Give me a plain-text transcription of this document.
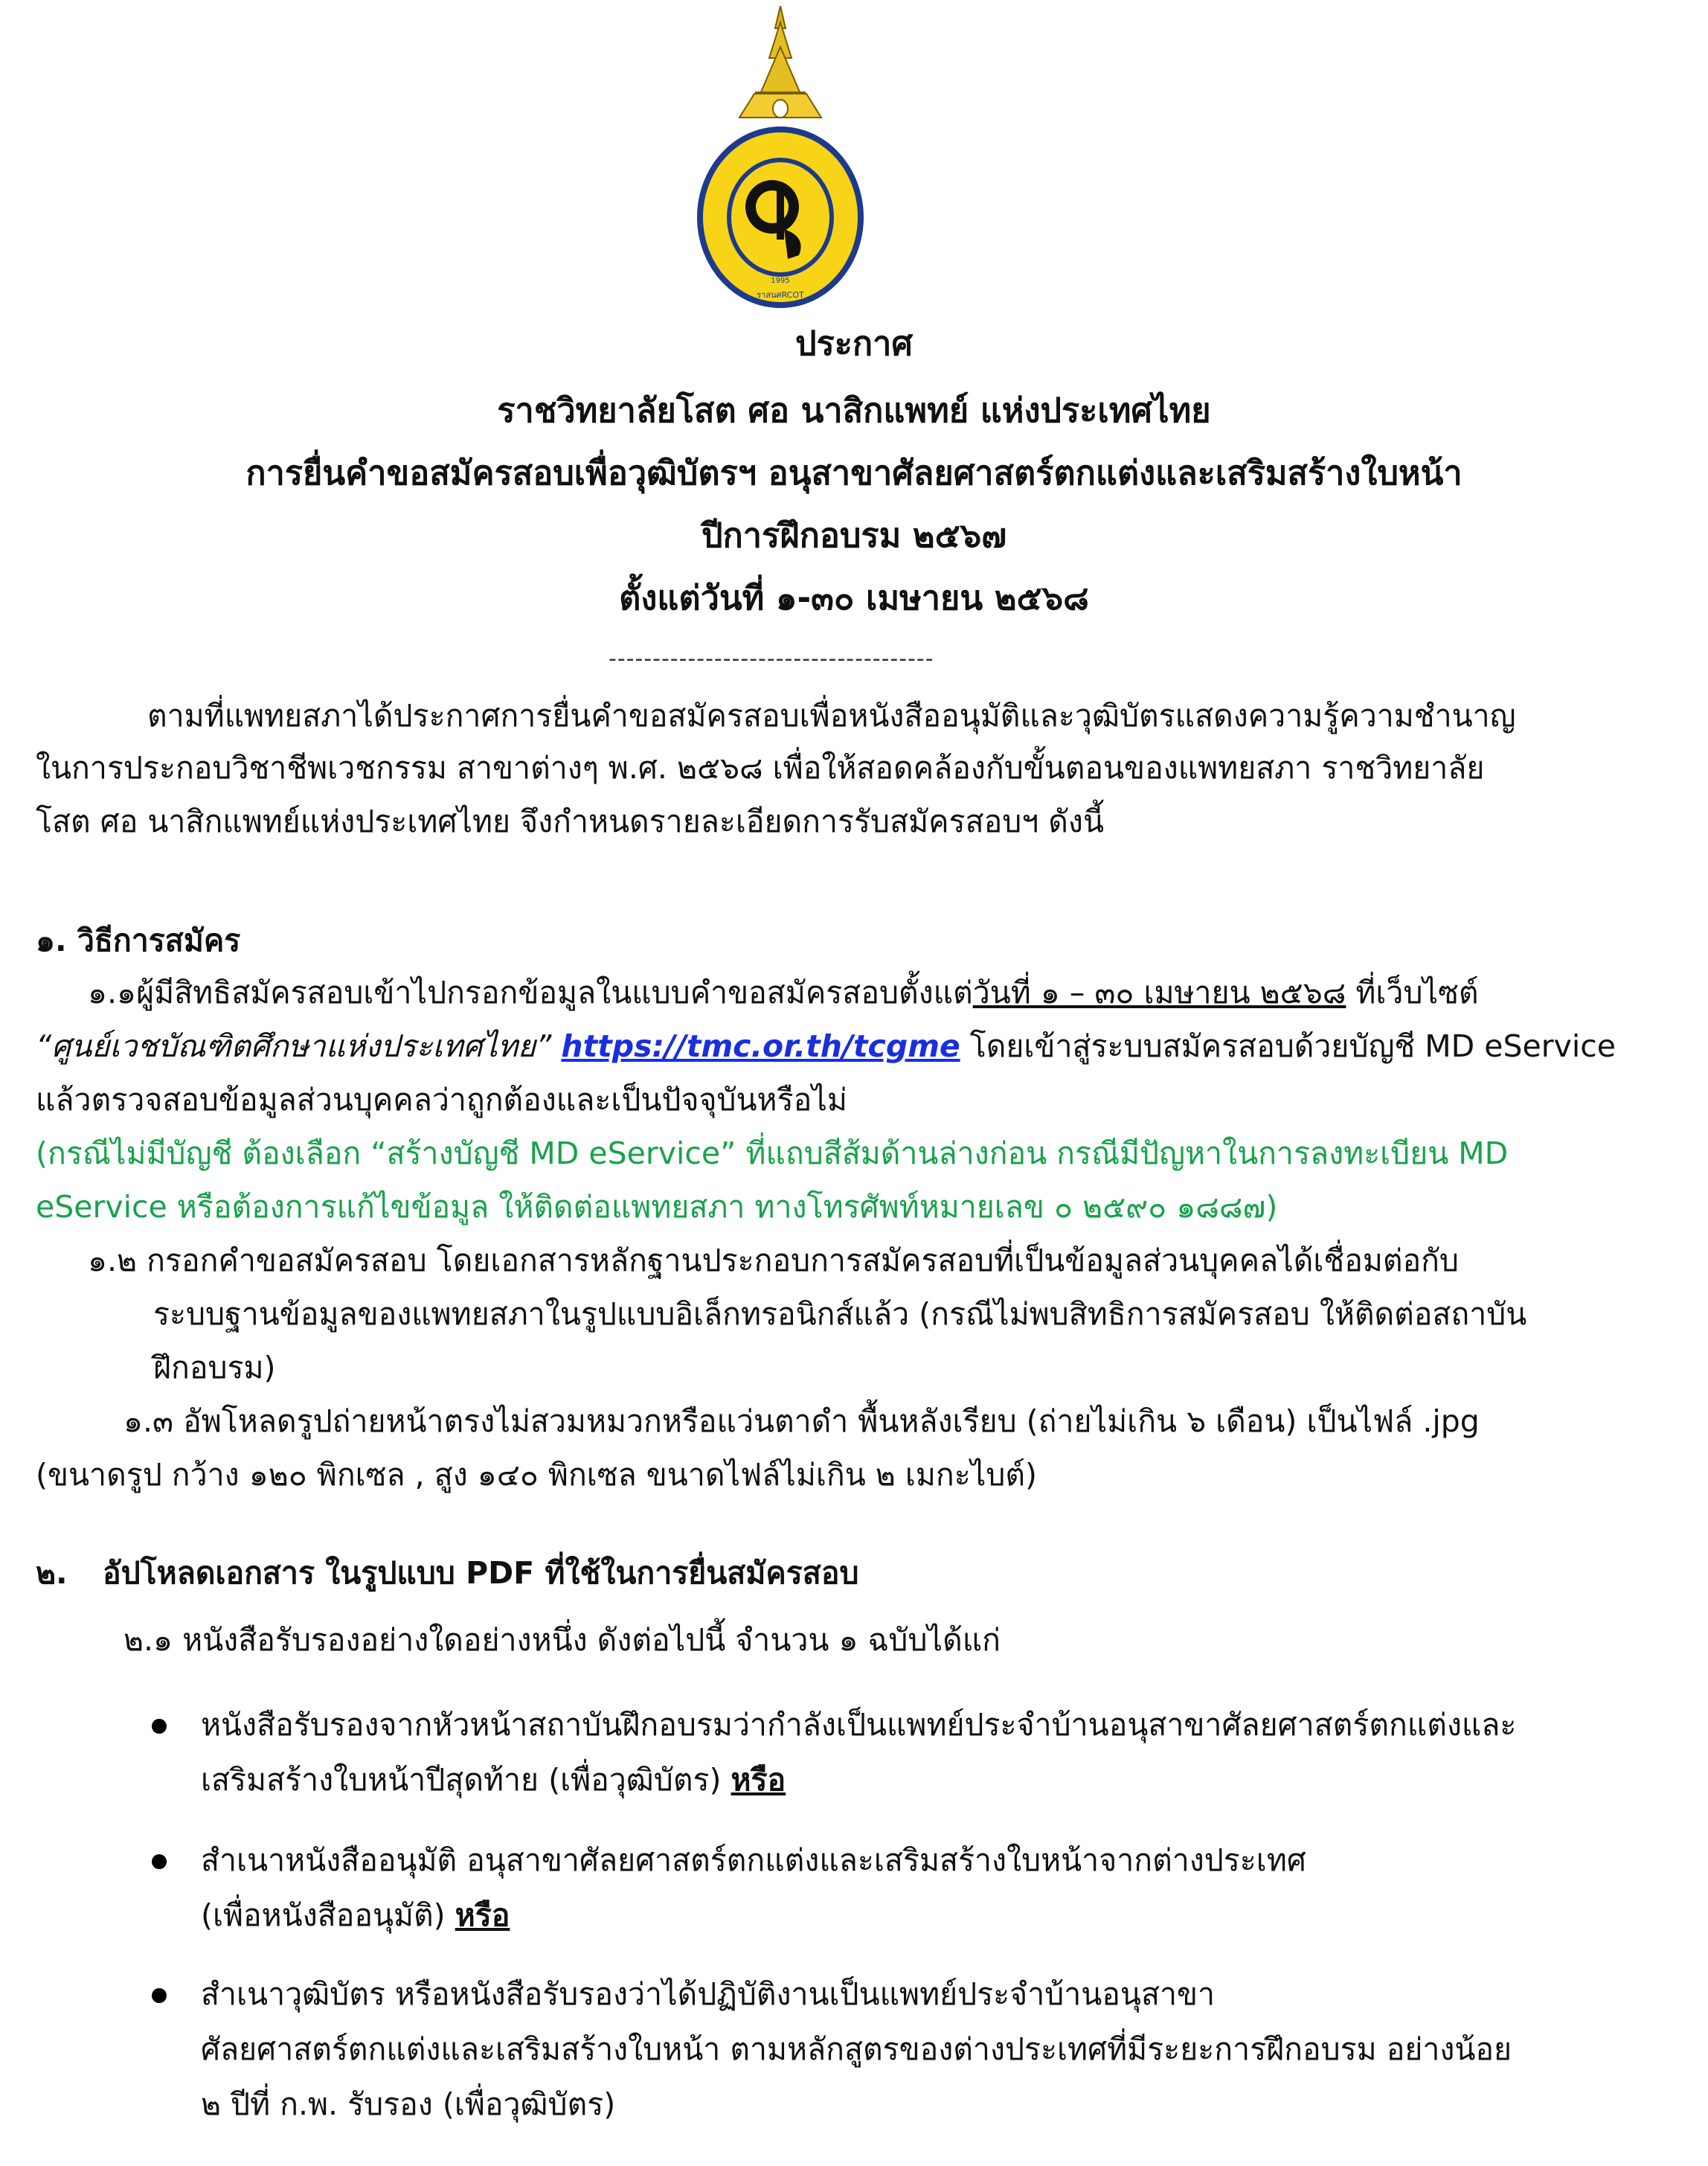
ราสนศRCOT
1995
ประกาศ
ราชวิทยาลัยโสต ศอ นาสิกแพทย์ แห่งประเทศไทย
การยื่นคำขอสมัครสอบเพื่อวุฒิบัตรฯ อนุสาขาศัลยศาสตร์ตกแต่งและเสริมสร้างใบหน้า
ปีการฝึกอบรม ๒๕๖๗
ตั้งแต่วันที่ ๑-๓๐ เมษายน ๒๕๖๘
-------------------------------------
ตามที่แพทยสภาได้ประกาศการยื่นคำขอสมัครสอบเพื่อหนังสืออนุมัติและวุฒิบัตรแสดงความรู้ความชำนาญ
ในการประกอบวิชาชีพเวชกรรม สาขาต่างๆ พ.ศ. ๒๕๖๘ เพื่อให้สอดคล้องกับขั้นตอนของแพทยสภา ราชวิทยาลัย
โสต ศอ นาสิกแพทย์แห่งประเทศไทย จึงกำหนดรายละเอียดการรับสมัครสอบฯ ดังนี้
๑. วิธีการสมัคร
๑.๑ผู้มีสิทธิสมัครสอบเข้าไปกรอกข้อมูลในแบบคำขอสมัครสอบตั้งแต่วันที่ ๑ – ๓๐ เมษายน ๒๕๖๘ ที่เว็บไซต์
“ศูนย์เวชบัณฑิตศึกษาแห่งประเทศไทย” https://tmc.or.th/tcgme โดยเข้าสู่ระบบสมัครสอบด้วยบัญชี MD eService
แล้วตรวจสอบข้อมูลส่วนบุคคลว่าถูกต้องและเป็นปัจจุบันหรือไม่
(กรณีไม่มีบัญชี ต้องเลือก “สร้างบัญชี MD eService” ที่แถบสีส้มด้านล่างก่อน กรณีมีปัญหาในการลงทะเบียน MD
eService หรือต้องการแก้ไขข้อมูล ให้ติดต่อแพทยสภา ทางโทรศัพท์หมายเลข ๐ ๒๕๙๐ ๑๘๘๗)
๑.๒ กรอกคำขอสมัครสอบ โดยเอกสารหลักฐานประกอบการสมัครสอบที่เป็นข้อมูลส่วนบุคคลได้เชื่อมต่อกับ
ระบบฐานข้อมูลของแพทยสภาในรูปแบบอิเล็กทรอนิกส์แล้ว (กรณีไม่พบสิทธิการสมัครสอบ ให้ติดต่อสถาบัน
ฝึกอบรม)
๑.๓ อัพโหลดรูปถ่ายหน้าตรงไม่สวมหมวกหรือแว่นตาดำ พื้นหลังเรียบ (ถ่ายไม่เกิน ๖ เดือน) เป็นไฟล์ .jpg
(ขนาดรูป กว้าง ๑๒๐ พิกเซล , สูง ๑๔๐ พิกเซล ขนาดไฟล์ไม่เกิน ๒ เมกะไบต์)
๒. อัปโหลดเอกสาร ในรูปแบบ PDF ที่ใช้ในการยื่นสมัครสอบ
๒.๑ หนังสือรับรองอย่างใดอย่างหนึ่ง ดังต่อไปนี้ จำนวน ๑ ฉบับได้แก่
หนังสือรับรองจากหัวหน้าสถาบันฝึกอบรมว่ากำลังเป็นแพทย์ประจำบ้านอนุสาขาศัลยศาสตร์ตกแต่งและ
เสริมสร้างใบหน้าปีสุดท้าย (เพื่อวุฒิบัตร) หรือ
สำเนาหนังสืออนุมัติ อนุสาขาศัลยศาสตร์ตกแต่งและเสริมสร้างใบหน้าจากต่างประเทศ
(เพื่อหนังสืออนุมัติ) หรือ
สำเนาวุฒิบัตร หรือหนังสือรับรองว่าได้ปฏิบัติงานเป็นแพทย์ประจำบ้านอนุสาขา
ศัลยศาสตร์ตกแต่งและเสริมสร้างใบหน้า ตามหลักสูตรของต่างประเทศที่มีระยะการฝึกอบรม อย่างน้อย
๒ ปีที่ ก.พ. รับรอง (เพื่อวุฒิบัตร)
